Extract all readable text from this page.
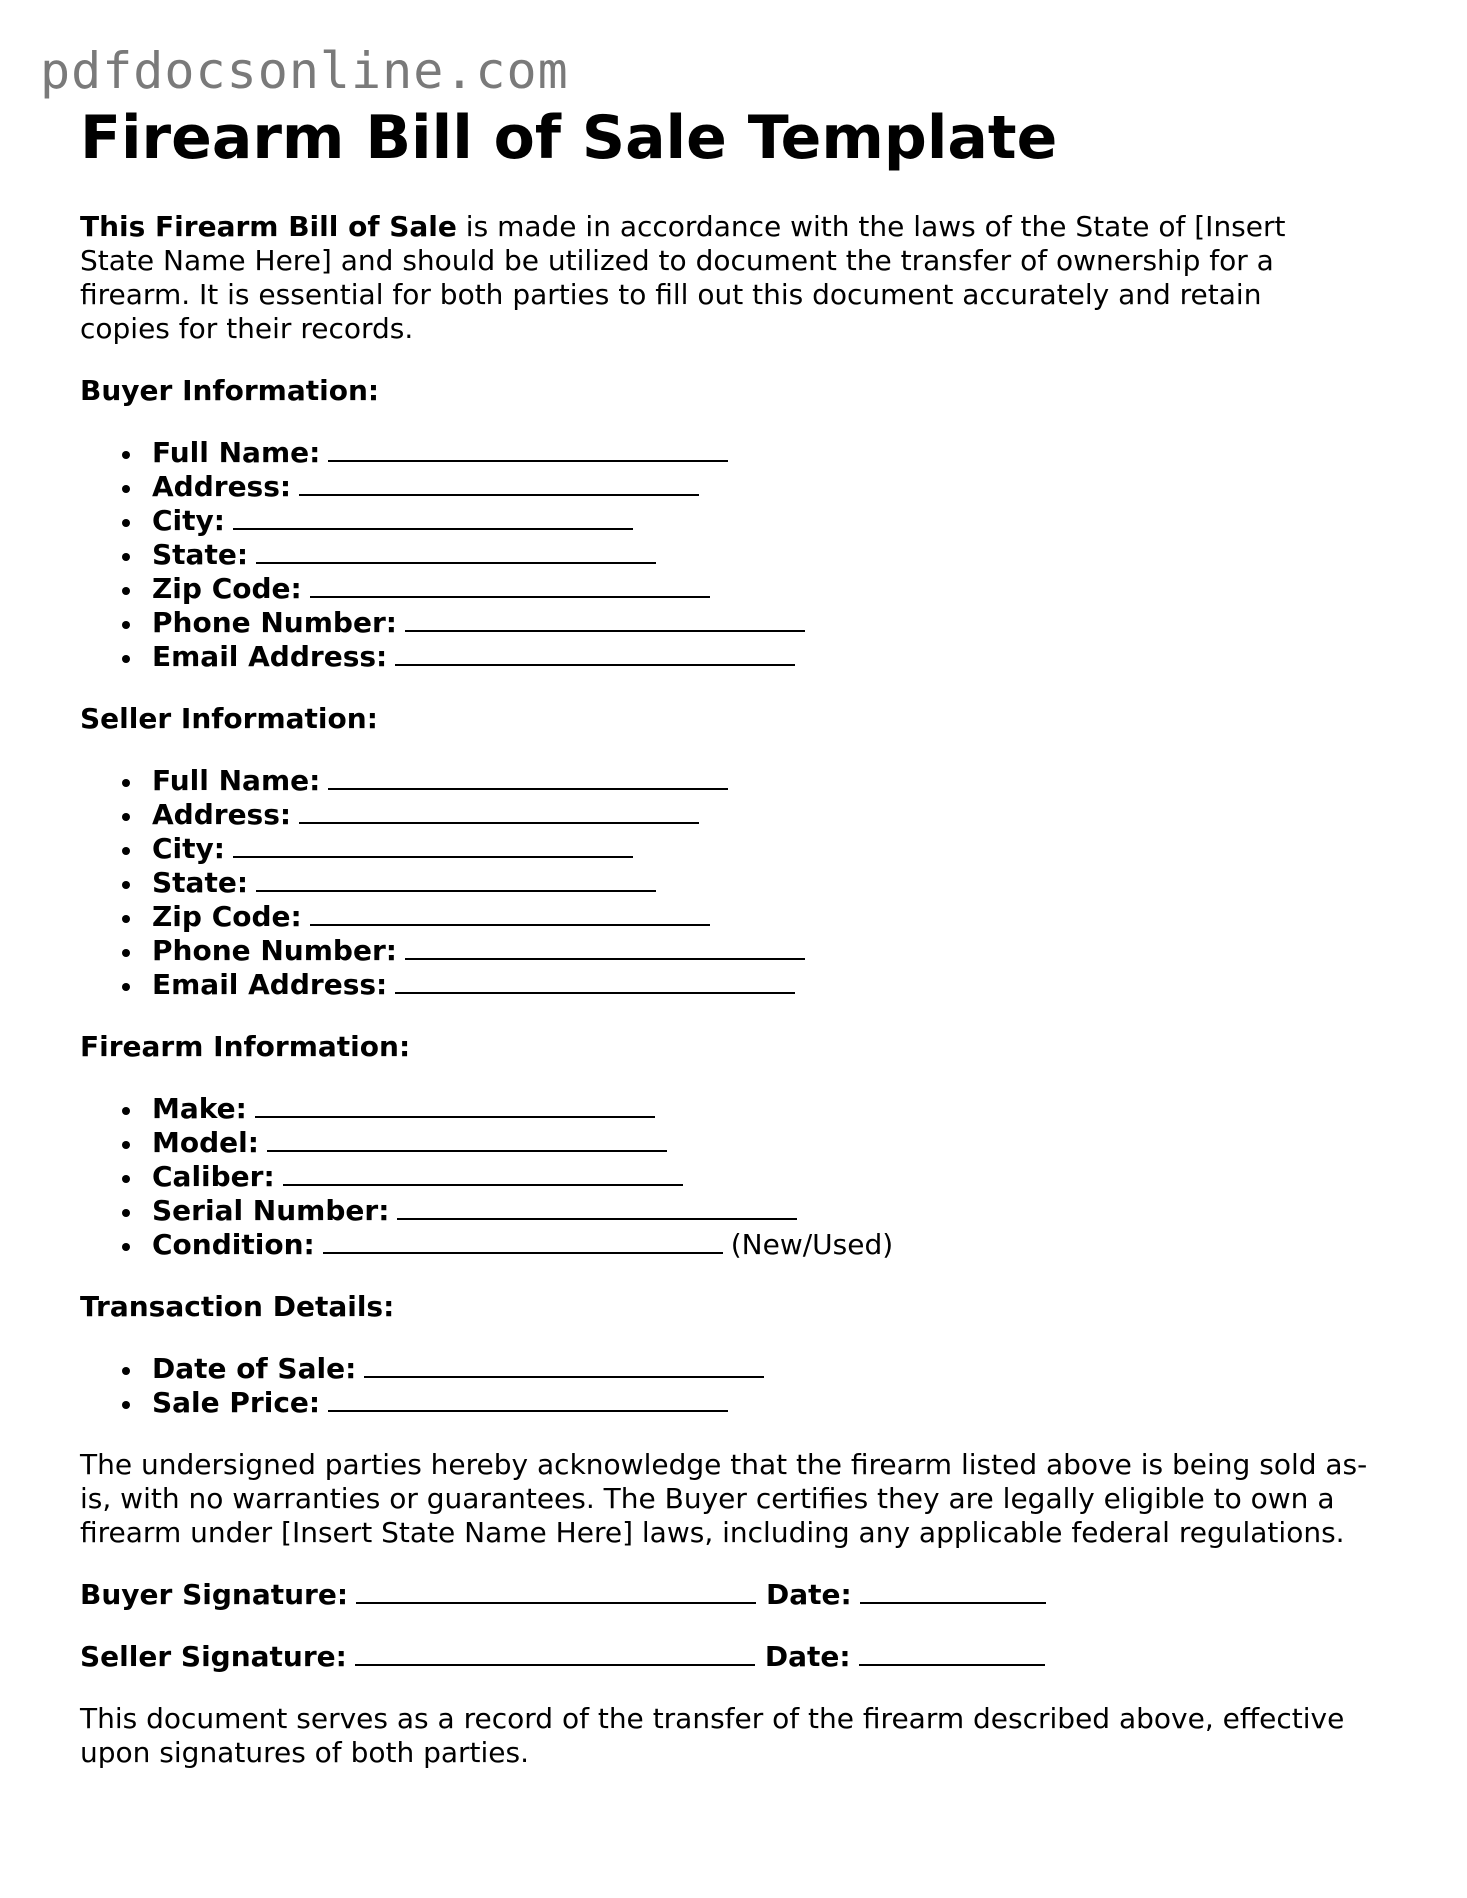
pdfdocsonline.com
Firearm Bill of Sale Template

This Firearm Bill of Sale is made in accordance with the laws of the State of [Insert State Name Here] and should be utilized to document the transfer of ownership for a firearm. It is essential for both parties to fill out this document accurately and retain copies for their records.

Buyer Information:
Full Name:
Address:
City:
State:
Zip Code:
Phone Number:
Email Address:
Seller Information:
Full Name:
Address:
City:
State:
Zip Code:
Phone Number:
Email Address:
Firearm Information:
Make:
Model:
Caliber:
Serial Number:
Condition:	(New/Used)
Transaction Details:
Date of Sale:
Sale Price:

The undersigned parties hereby acknowledge that the firearm listed above is being sold as-is, with no warranties or guarantees. The Buyer certifies they are legally eligible to own a firearm under [Insert State Name Here] laws, including any applicable federal regulations.

Buyer Signature:	Date:
Seller Signature:	Date:

This document serves as a record of the transfer of the firearm described above, effective upon signatures of both parties.
